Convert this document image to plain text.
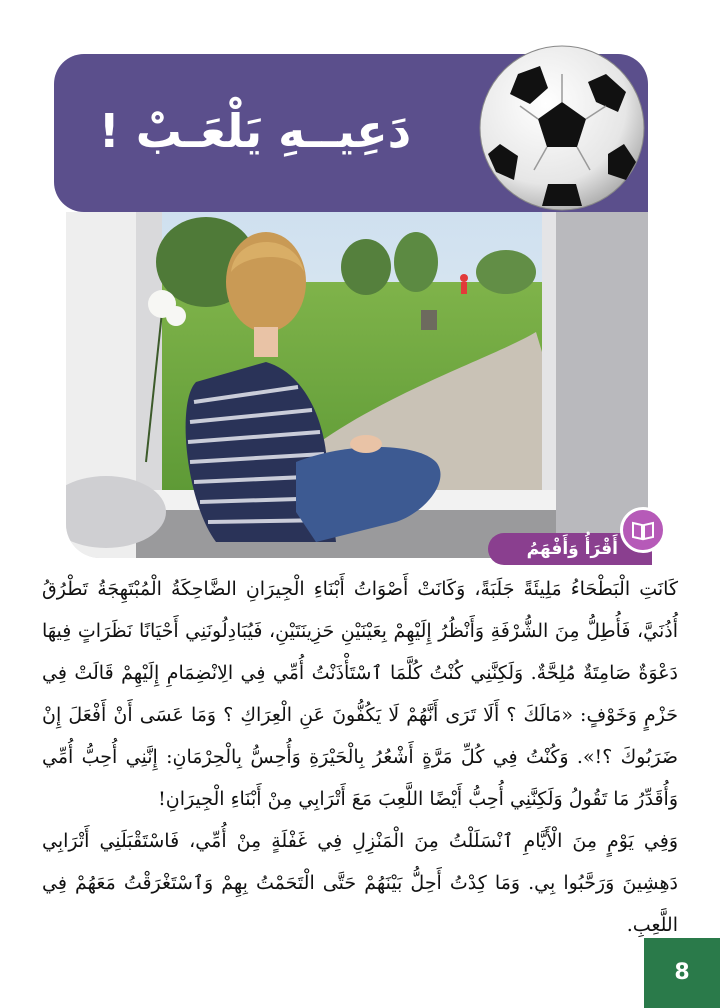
دَعِيــهِ يَلْعَـبْ !
أَقْرَأُ وَأَفْهَمُ

كَانَتِ الْبَطْحَاءُ مَلِيئَةً جَلَبَةً، وَكَانَتْ أَصْوَاتُ أَبْنَاءِ الْجِيرَانِ الضَّاحِكَةُ الْمُبْتَهِجَةُ تَطْرُقُ أُذُنَيَّ، فَأُطِلُّ مِنَ الشُّرْفَةِ وَأَنْظُرُ إِلَيْهِمْ بِعَيْنَيْنِ حَزِينَتَيْنِ، فَيُبَادِلُونَنِي أَحْيَانًا نَظَرَاتٍ فِيهَا دَعْوَةٌ صَامِتَةٌ مُلِحَّةٌ. وَلَكِنَّنِي كُنْتُ كُلَّمَا ٱسْتَأْذَنْتُ أُمِّي فِي الِانْضِمَامِ إِلَيْهِمْ قَالَتْ فِي حَزْمٍ وَخَوْفٍ: «مَالَكَ ؟ أَلَا تَرَى أَنَّهُمْ لَا يَكُفُّونَ عَنِ الْعِرَاكِ ؟ وَمَا عَسَى أَنْ أَفْعَلَ إِنْ ضَرَبُوكَ ؟!». وَكُنْتُ فِي كُلِّ مَرَّةٍ أَشْعُرُ بِالْحَيْرَةِ وَأُحِسُّ بِالْحِرْمَانِ: إِنَّنِي أُحِبُّ أُمِّي وَأُقَدِّرُ مَا تَقُولُ وَلَكِنَّنِي أُحِبُّ أَيْضًا اللَّعِبَ مَعَ أَتْرَابِي مِنْ أَبْنَاءِ الْجِيرَانِ!

وَفِي يَوْمٍ مِنَ الْأَيَّامِ ٱنْسَلَلْتُ مِنَ الْمَنْزِلِ فِي غَفْلَةٍ مِنْ أُمِّي، فَاسْتَقْبَلَنِي أَتْرَابِي دَهِشِينَ وَرَحَّبُوا بِي. وَمَا كِدْتُ أَحِلُّ بَيْنَهُمْ حَتَّى الْتَحَمْتُ بِهِمْ وَٱسْتَغْرَقْتُ مَعَهُمْ فِي اللَّعِبِ.

8
